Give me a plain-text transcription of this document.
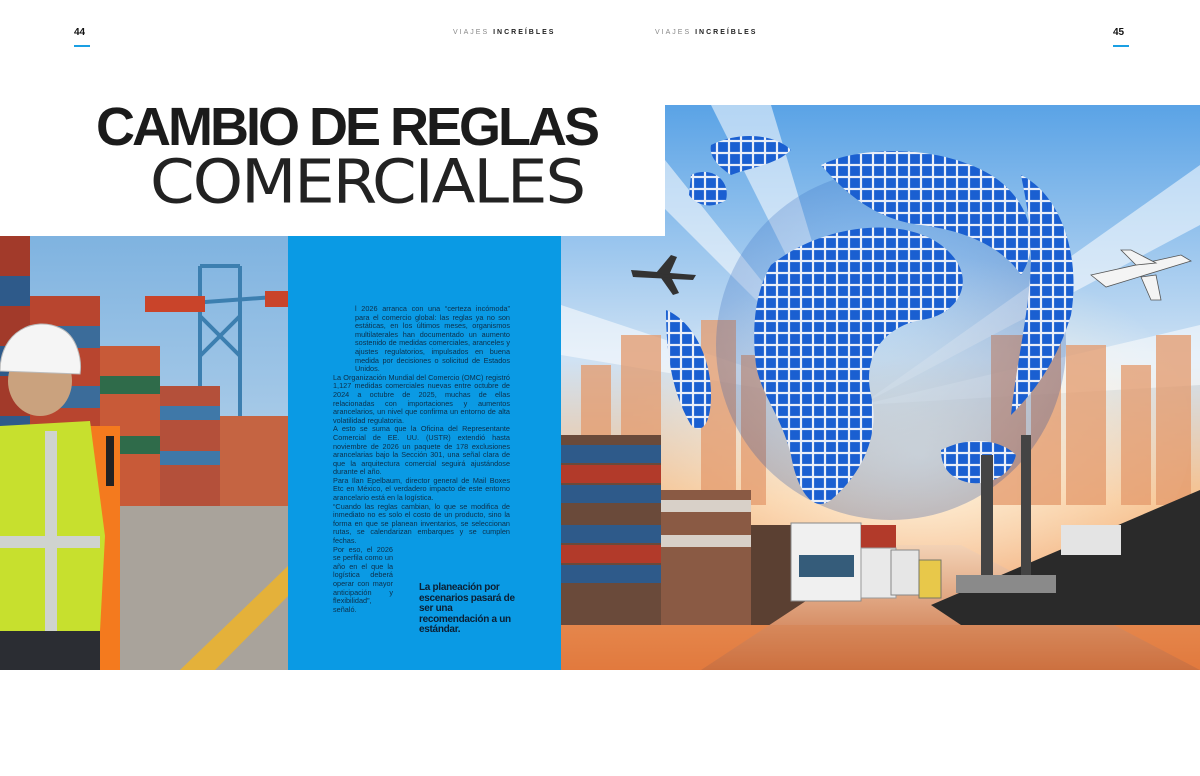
44	45
VIAJES INCREÍBLES	VIAJES INCREÍBLES
CAMBIO DE REGLAS
COMERCIALES

l 2026 arranca con una “certeza incómoda” para el comercio global: las reglas ya no son estáticas, en los últimos meses, organismos multilaterales han documentado un aumento sostenido de medidas comerciales, aranceles y ajustes regulatorios, impulsados en buena medida por decisiones o solicitud de Estados Unidos.

La Organización Mundial del Comercio (OMC) registró 1,127 medidas comerciales nuevas entre octubre de 2024 a octubre de 2025, muchas de ellas relacionadas con importaciones y aumentos arancelarios, un nivel que confirma un entorno de alta volatilidad regulatoria.

A esto se suma que la Oficina del Representante Comercial de EE. UU. (USTR) extendió hasta noviembre de 2026 un paquete de 178 exclusiones arancelarias bajo la Sección 301, una señal clara de que la arquitectura comercial seguirá ajustándose durante el año.

Para Ilan Epelbaum, director general de Mail Boxes Etc en México, el verdadero impacto de este entorno arancelario está en la logística.

“Cuando las reglas cambian, lo que se modifica de inmediato no es solo el costo de un producto, sino la forma en que se planean inventarios, se seleccionan rutas, se calendarizan embarques y se cumplen fechas.

Por eso, el 2026 se perfila como un año en el que la logística deberá operar con mayor anticipación y flexibilidad”, señaló.

La planeación por escenarios pasará de ser una recomendación a un estándar.
